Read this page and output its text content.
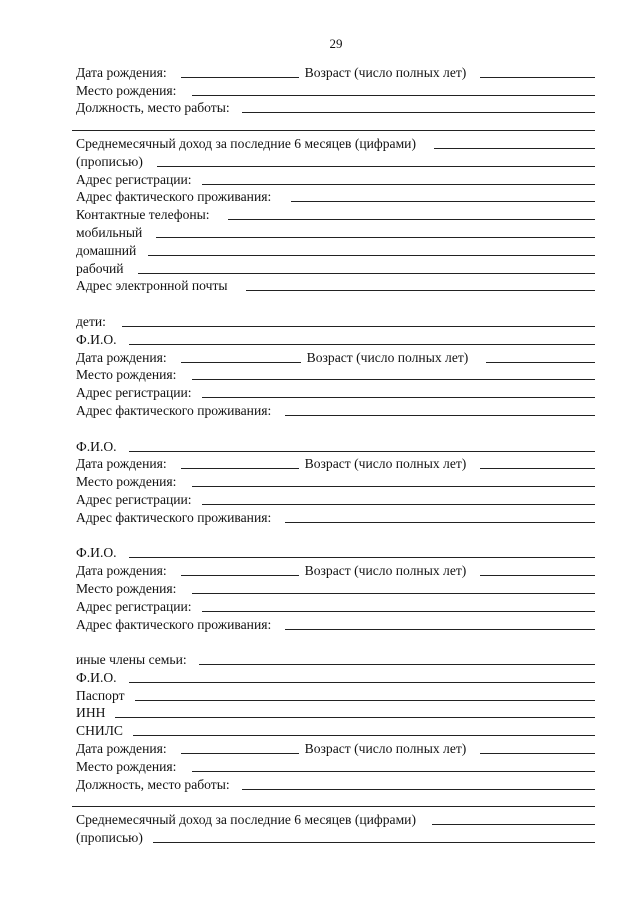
29
Дата рождения:	Возраст (число полных лет)
Место рождения:
Должность, место работы:
Среднемесячный доход за последние 6 месяцев (цифрами)
(прописью)
Адрес регистрации:
Адрес фактического проживания:
Контактные телефоны:
мобильный
домашний
рабочий
Адрес электронной почты
дети:
Ф.И.О.
Дата рождения:	Возраст (число полных лет)
Место рождения:
Адрес регистрации:
Адрес фактического проживания:
Ф.И.О.
Дата рождения:	Возраст (число полных лет)
Место рождения:
Адрес регистрации:
Адрес фактического проживания:
Ф.И.О.
Дата рождения:	Возраст (число полных лет)
Место рождения:
Адрес регистрации:
Адрес фактического проживания:
иные члены семьи:
Ф.И.О.
Паспорт
ИНН
СНИЛС
Дата рождения:	Возраст (число полных лет)
Место рождения:
Должность, место работы:
Среднемесячный доход за последние 6 месяцев (цифрами)
(прописью)
